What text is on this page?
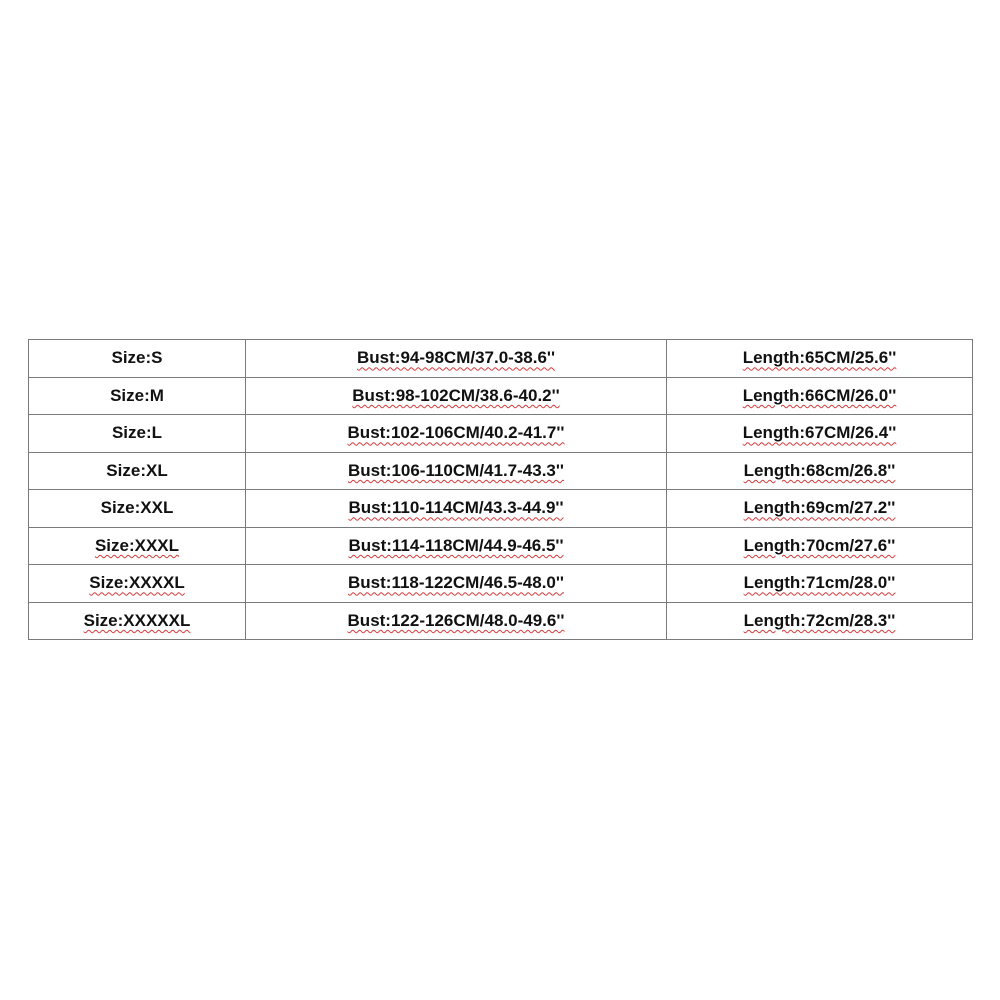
Size:S	Bust:94-98CM/37.0-38.6''	Length:65CM/25.6''
Size:M	Bust:98-102CM/38.6-40.2''	Length:66CM/26.0''
Size:L	Bust:102-106CM/40.2-41.7''	Length:67CM/26.4''
Size:XL	Bust:106-110CM/41.7-43.3''	Length:68cm/26.8''
Size:XXL	Bust:110-114CM/43.3-44.9''	Length:69cm/27.2''
Size:XXXL	Bust:114-118CM/44.9-46.5''	Length:70cm/27.6''
Size:XXXXL	Bust:118-122CM/46.5-48.0''	Length:71cm/28.0''
Size:XXXXXL	Bust:122-126CM/48.0-49.6''	Length:72cm/28.3''
